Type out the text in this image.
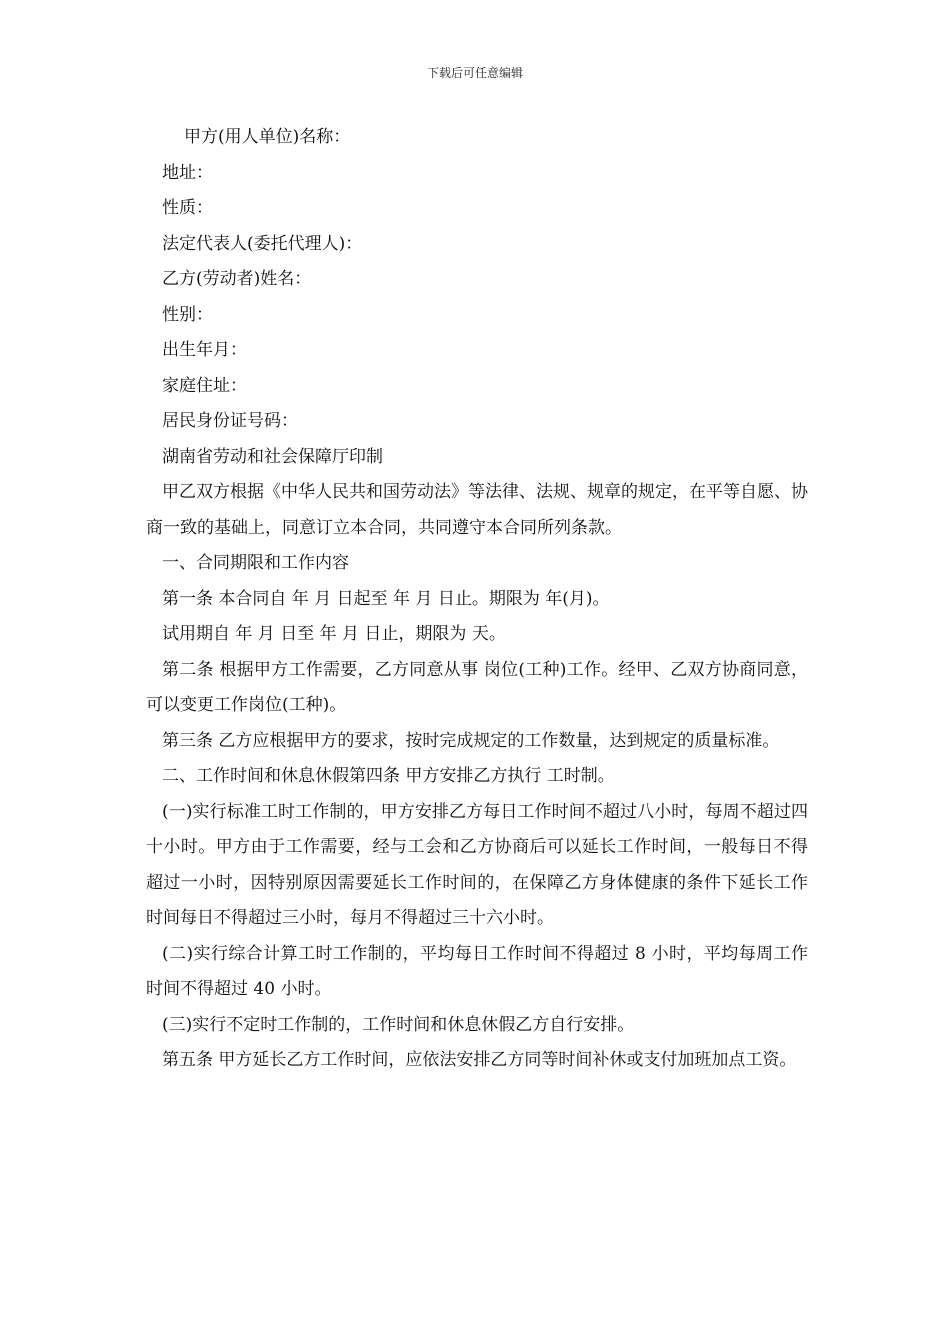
下载后可任意编辑
甲方(用人单位)名称：
地址：
性质：
法定代表人(委托代理人)：
乙方(劳动者)姓名：
性别：
出生年月：
家庭住址：
居民身份证号码：
湖南省劳动和社会保障厅印制

甲乙双方根据《中华人民共和国劳动法》等法律、法规、规章的规定，在平等自愿、协商一致的基础上，同意订立本合同，共同遵守本合同所列条款。

一、合同期限和工作内容

第一条 本合同自 年 月 日起至 年 月 日止。期限为 年(月)。

试用期自 年 月 日至 年 月 日止，期限为 天。

第二条 根据甲方工作需要，乙方同意从事 岗位(工种)工作。经甲、乙双方协商同意，可以变更工作岗位(工种)。

第三条 乙方应根据甲方的要求，按时完成规定的工作数量，达到规定的质量标准。

二、工作时间和休息休假第四条 甲方安排乙方执行 工时制。

(一)实行标准工时工作制的，甲方安排乙方每日工作时间不超过八小时，每周不超过四十小时。甲方由于工作需要，经与工会和乙方协商后可以延长工作时间，一般每日不得超过一小时，因特别原因需要延长工作时间的，在保障乙方身体健康的条件下延长工作时间每日不得超过三小时，每月不得超过三十六小时。

(二)实行综合计算工时工作制的，平均每日工作时间不得超过 8 小时，平均每周工作时间不得超过 40 小时。

(三)实行不定时工作制的，工作时间和休息休假乙方自行安排。

第五条 甲方延长乙方工作时间，应依法安排乙方同等时间补休或支付加班加点工资。
